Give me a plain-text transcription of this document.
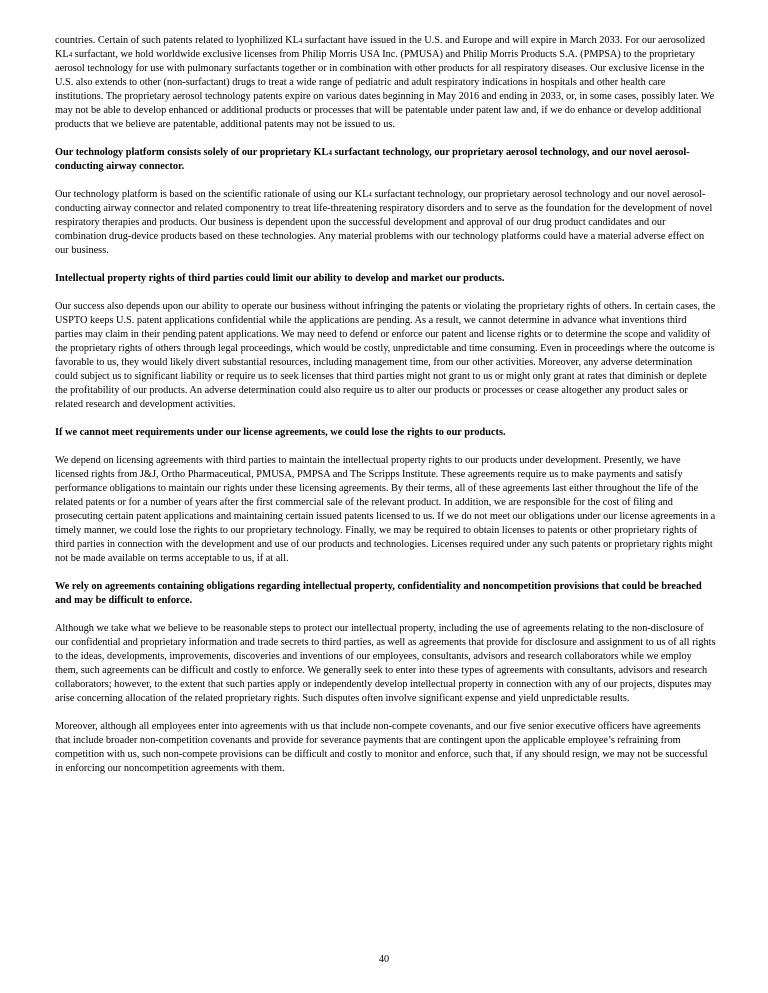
countries. Certain of such patents related to lyophilized KL4 surfactant have issued in the U.S. and Europe and will expire in March 2033. For our aerosolized KL4 surfactant, we hold worldwide exclusive licenses from Philip Morris USA Inc. (PMUSA) and Philip Morris Products S.A. (PMPSA) to the proprietary aerosol technology for use with pulmonary surfactants together or in combination with other products for all respiratory diseases. Our exclusive license in the U.S. also extends to other (non-surfactant) drugs to treat a wide range of pediatric and adult respiratory indications in hospitals and other health care institutions. The proprietary aerosol technology patents expire on various dates beginning in May 2016 and ending in 2033, or, in some cases, possibly later. We may not be able to develop enhanced or additional products or processes that will be patentable under patent law and, if we do enhance or develop additional products that we believe are patentable, additional patents may not be issued to us.

Our technology platform consists solely of our proprietary KL4 surfactant technology, our proprietary aerosol technology, and our novel aerosol-conducting airway connector.

Our technology platform is based on the scientific rationale of using our KL4 surfactant technology, our proprietary aerosol technology and our novel aerosol-conducting airway connector and related componentry to treat life-threatening respiratory disorders and to serve as the foundation for the development of novel respiratory therapies and products. Our business is dependent upon the successful development and approval of our drug product candidates and our combination drug-device products based on these technologies. Any material problems with our technology platforms could have a material adverse effect on our business.

Intellectual property rights of third parties could limit our ability to develop and market our products.

Our success also depends upon our ability to operate our business without infringing the patents or violating the proprietary rights of others. In certain cases, the USPTO keeps U.S. patent applications confidential while the applications are pending. As a result, we cannot determine in advance what inventions third parties may claim in their pending patent applications. We may need to defend or enforce our patent and license rights or to determine the scope and validity of the proprietary rights of others through legal proceedings, which would be costly, unpredictable and time consuming. Even in proceedings where the outcome is favorable to us, they would likely divert substantial resources, including management time, from our other activities. Moreover, any adverse determination could subject us to significant liability or require us to seek licenses that third parties might not grant to us or might only grant at rates that diminish or deplete the profitability of our products. An adverse determination could also require us to alter our products or processes or cease altogether any product sales or related research and development activities.

If we cannot meet requirements under our license agreements, we could lose the rights to our products.

We depend on licensing agreements with third parties to maintain the intellectual property rights to our products under development. Presently, we have licensed rights from J&J, Ortho Pharmaceutical, PMUSA, PMPSA and The Scripps Institute. These agreements require us to make payments and satisfy performance obligations to maintain our rights under these licensing agreements. By their terms, all of these agreements last either throughout the life of the related patents or for a number of years after the first commercial sale of the relevant product. In addition, we are responsible for the cost of filing and prosecuting certain patent applications and maintaining certain issued patents licensed to us. If we do not meet our obligations under our license agreements in a timely manner, we could lose the rights to our proprietary technology. Finally, we may be required to obtain licenses to patents or other proprietary rights of third parties in connection with the development and use of our products and technologies. Licenses required under any such patents or proprietary rights might not be made available on terms acceptable to us, if at all.

We rely on agreements containing obligations regarding intellectual property, confidentiality and noncompetition provisions that could be breached and may be difficult to enforce.

Although we take what we believe to be reasonable steps to protect our intellectual property, including the use of agreements relating to the non-disclosure of our confidential and proprietary information and trade secrets to third parties, as well as agreements that provide for disclosure and assignment to us of all rights to the ideas, developments, improvements, discoveries and inventions of our employees, consultants, advisors and research collaborators while we employ them, such agreements can be difficult and costly to enforce. We generally seek to enter into these types of agreements with consultants, advisors and research collaborators; however, to the extent that such parties apply or independently develop intellectual property in connection with any of our projects, disputes may arise concerning allocation of the related proprietary rights. Such disputes often involve significant expense and yield unpredictable results.

Moreover, although all employees enter into agreements with us that include non-compete covenants, and our five senior executive officers have agreements that include broader non-competition covenants and provide for severance payments that are contingent upon the applicable employee’s refraining from competition with us, such non-compete provisions can be difficult and costly to monitor and enforce, such that, if any should resign, we may not be successful in enforcing our noncompetition agreements with them.

40
